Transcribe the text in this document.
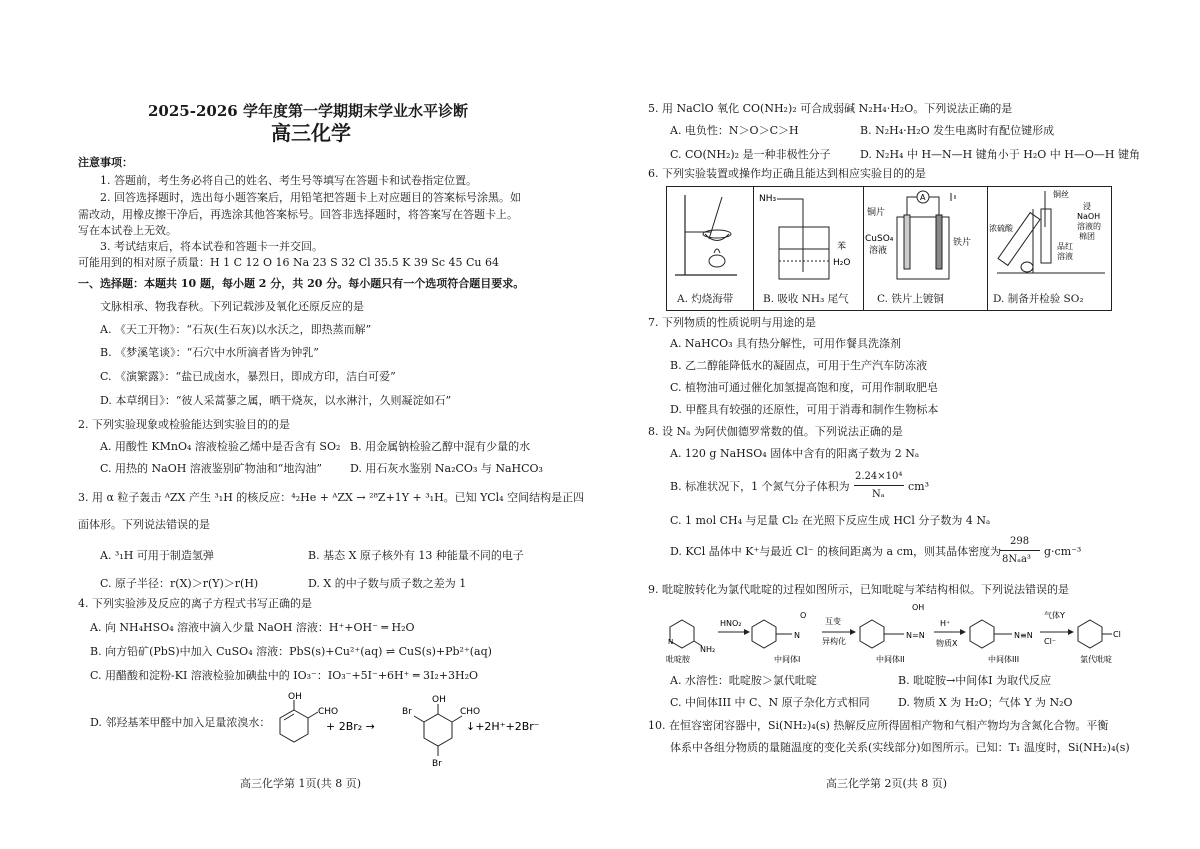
2025-2026 学年度第一学期期末学业水平诊断
高三化学
注意事项：
1. 答题前，考生务必将自己的姓名、考生号等填写在答题卡和试卷指定位置。
2. 回答选择题时，选出每小题答案后，用铅笔把答题卡上对应题目的答案标号涂黑。如
需改动，用橡皮擦干净后，再选涂其他答案标号。回答非选择题时，将答案写在答题卡上。
写在本试卷上无效。
3. 考试结束后，将本试卷和答题卡一并交回。
可能用到的相对原子质量：H 1 C 12 O 16 Na 23 S 32 Cl 35.5 K 39 Sc 45 Cu 64
一、选择题：本题共 10 题，每小题 2 分，共 20 分。每小题只有一个选项符合题目要求。
文脉相承、物我春秋。下列记载涉及氧化还原反应的是
A. 《天工开物》：“石灰(生石灰)以水沃之，即热蒸而解”
B. 《梦溪笔谈》：“石穴中水所滴者皆为钟乳”
C. 《演繁露》：“盐已成卤水，暴烈日，即成方印，洁白可爱”
D. 本草纲目》：“彼人采蒿蓼之属，晒干烧灰，以水淋汁，久则凝淀如石”
2. 下列实验现象或检验能达到实验目的的是
A. 用酸性 KMnO₄ 溶液检验乙烯中是否含有 SO₂ B. 用金属钠检验乙醇中混有少量的水
C. 用热的 NaOH 溶液鉴别矿物油和“地沟油”	D. 用石灰水鉴别 Na₂CO₃ 与 NaHCO₃
3. 用 α 粒子轰击 ᴬZX 产生 ³₁H 的核反应：⁴₂He + ᴬZX → ²⁸Z+1Y + ³₁H。已知 YCl₄ 空间结构是正四
面体形。下列说法错误的是
A. ³₁H 可用于制造氢弹	B. 基态 X 原子核外有 13 种能量不同的电子
C. 原子半径：r(X)＞r(Y)＞r(H)	D. X 的中子数与质子数之差为 1
4. 下列实验涉及反应的离子方程式书写正确的是
A. 向 NH₄HSO₄ 溶液中滴入少量 NaOH 溶液：H⁺+OH⁻ ═ H₂O
B. 向方铅矿(PbS)中加入 CuSO₄ 溶液：PbS(s)+Cu²⁺(aq) ⇌ CuS(s)+Pb²⁺(aq)
C. 用醋酸和淀粉-KI 溶液检验加碘盐中的 IO₃⁻：IO₃⁻+5I⁻+6H⁺ ═ 3I₂+3H₂O
D. 邻羟基苯甲醛中加入足量浓溴水：
OH
CHO
+ 2Br₂ →
OH
Br	CHO
Br
↓+2H⁺+2Br⁻
高三化学第 1页(共 8 页)
5. 用 NaClO 氧化 CO(NH₂)₂ 可合成弱碱 N₂H₄·H₂O。下列说法正确的是
A. 电负性：N＞O＞C＞H	B. N₂H₄·H₂O 发生电离时有配位键形成
C. CO(NH₂)₂ 是一种非极性分子	D. N₂H₄ 中 H—N—H 键角小于 H₂O 中 H—O—H 键角
6. 下列实验装置或操作均正确且能达到相应实验目的的是
A. 灼烧海带
NH₃
苯
H₂O
B. 吸收 NH₃ 尾气
A
铜片
CuSO₄
溶液
铁片
C. 铁片上镀铜
浓硫酸
铜丝
浸
NaOH
溶液的
棉团
品红
溶液
D. 制备并检验 SO₂
7. 下列物质的性质说明与用途的是
A. NaHCO₃ 具有热分解性，可用作餐具洗涤剂
B. 乙二醇能降低水的凝固点，可用于生产汽车防冻液
C. 植物油可通过催化加氢提高饱和度，可用作制取肥皂
D. 甲醛具有较强的还原性，可用于消毒和制作生物标本
8. 设 Nₐ 为阿伏伽德罗常数的值。下列说法正确的是
A. 120 g NaHSO₄ 固体中含有的阳离子数为 2 Nₐ
B. 标准状况下，1 个氮气分子体积为
2.24×10⁴
Nₐ
cm³
C. 1 mol CH₄ 与足量 Cl₂ 在光照下反应生成 HCl 分子数为 4 Nₐ
D. KCl 晶体中 K⁺与最近 Cl⁻ 的核间距离为 a cm，则其晶体密度为
298
8Nₐa³
g·cm⁻³
9. 吡啶胺转化为氯代吡啶的过程如图所示，已知吡啶与苯结构相似。下列说法错误的是
N
NH₂
吡啶胺
HNO₂
N
O
中间体I
互变
异构化
N=N
OH
中间体II
H⁺
物质X
N≡N
中间体III
气体Y
Cl⁻
Cl
氯代吡啶
A. 水溶性：吡啶胺＞氯代吡啶	B. 吡啶胺→中间体I 为取代反应
C. 中间体III 中 C、N 原子杂化方式相同	D. 物质 X 为 H₂O；气体 Y 为 N₂O
10. 在恒容密闭容器中，Si(NH₂)₄(s) 热解反应所得固相产物和气相产物均为含氮化合物。平衡
体系中各组分物质的量随温度的变化关系(实线部分)如图所示。已知：T₁ 温度时，Si(NH₂)₄(s)
高三化学第 2页(共 8 页)
